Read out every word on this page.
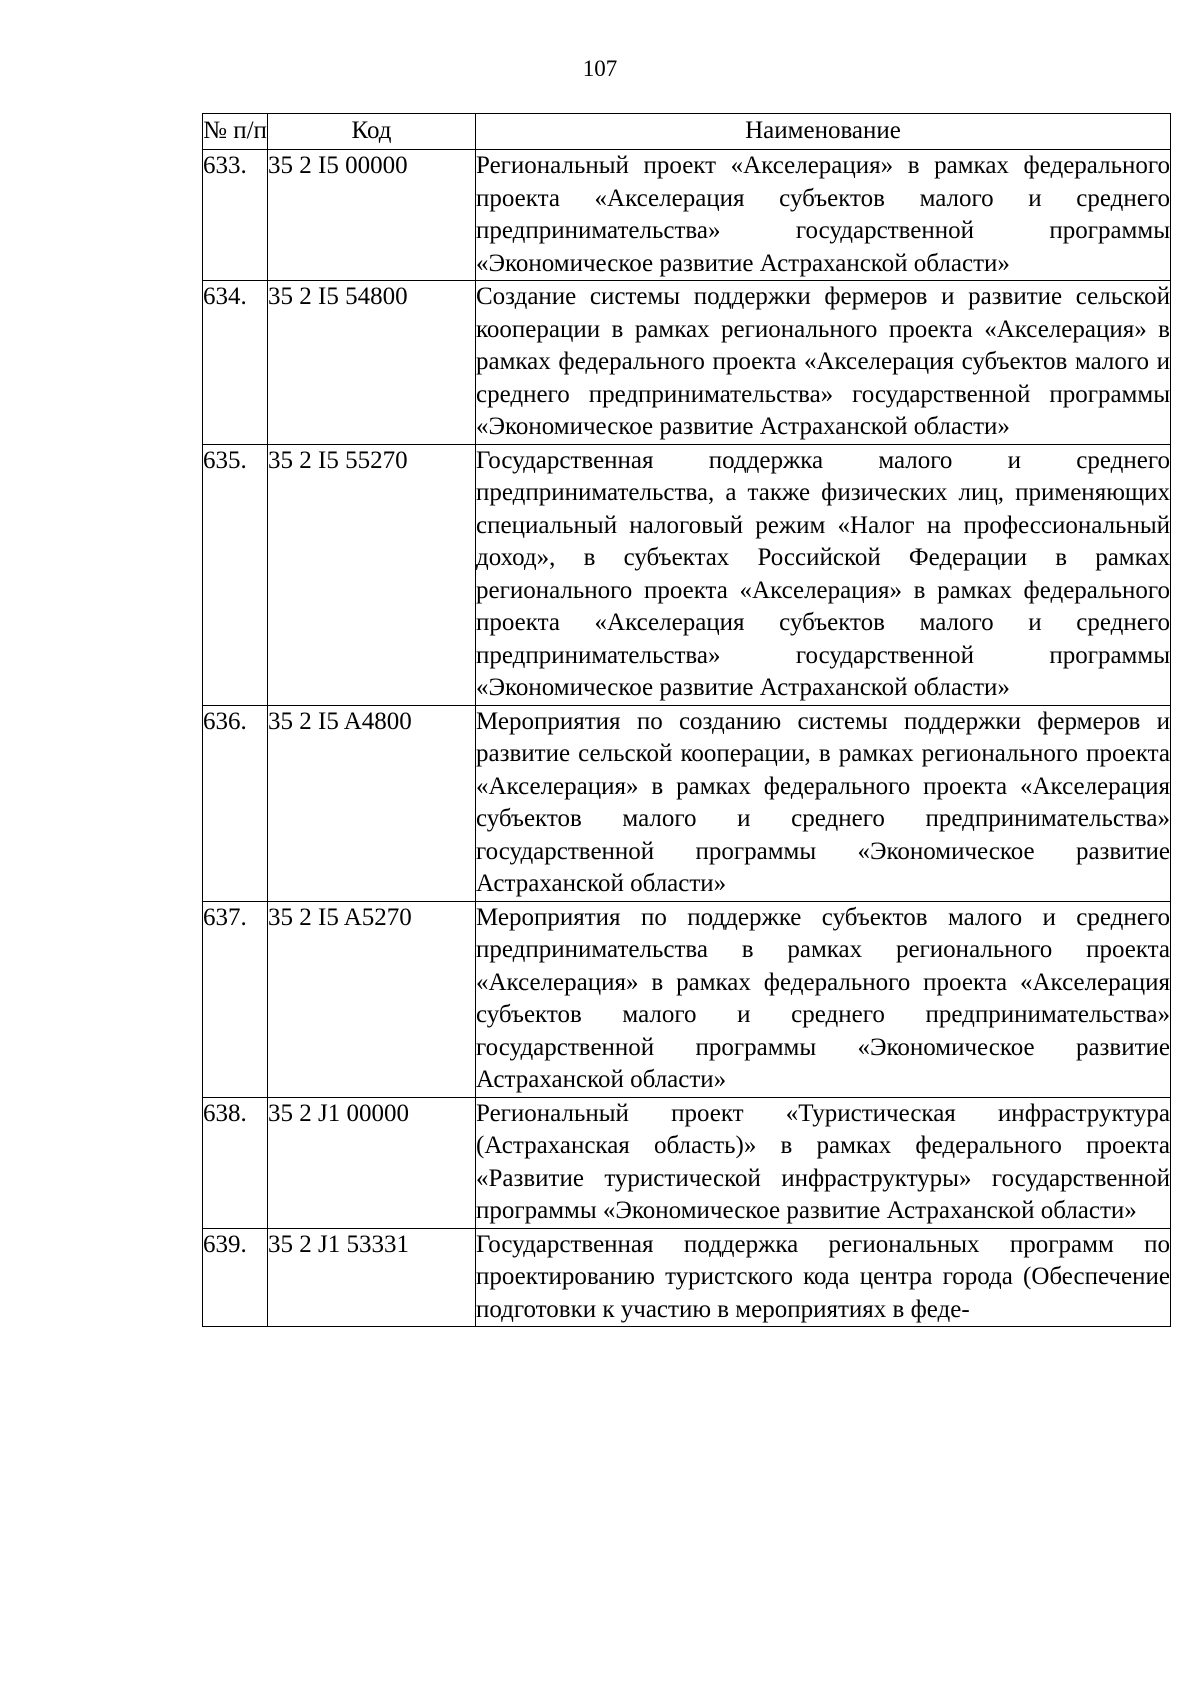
107
№ п/п	Код	Наименование
633.	35 2 I5 00000	Региональный проект «Акселерация» в рамках федерального проекта «Акселерация субъектов малого и среднего предпринимательства» государственной программы «Экономическое развитие Астраханской области»
634.	35 2 I5 54800	Создание системы поддержки фермеров и развитие сельской кооперации в рамках регионального проекта «Акселерация» в рамках федерального проекта «Акселерация субъектов малого и среднего предпринимательства» государственной программы «Экономическое развитие Астраханской области»
635.	35 2 I5 55270	Государственная поддержка малого и среднего предпринимательства, а также физических лиц, применяющих специальный налоговый режим «Налог на профессиональный доход», в субъектах Российской Федерации в рамках регионального проекта «Акселерация» в рамках федерального проекта «Акселерация субъектов малого и среднего предпринимательства» государственной программы «Экономическое развитие Астраханской области»
636.	35 2 I5 A4800	Мероприятия по созданию системы поддержки фермеров и развитие сельской кооперации, в рамках регионального проекта «Акселерация» в рамках федерального проекта «Акселерация субъектов малого и среднего предпринимательства» государственной программы «Экономическое развитие Астраханской области»
637.	35 2 I5 A5270	Мероприятия по поддержке субъектов малого и среднего предпринимательства в рамках регионального проекта «Акселерация» в рамках федерального проекта «Акселерация субъектов малого и среднего предпринимательства» государственной программы «Экономическое развитие Астраханской области»
638.	35 2 J1 00000	Региональный проект «Туристическая инфраструктура (Астраханская область)» в рамках федерального проекта «Развитие туристической инфраструктуры» государственной программы «Экономическое развитие Астраханской области»
639.	35 2 J1 53331	Государственная поддержка региональных программ по проектированию туристского кода центра города (Обеспечение подготовки к участию в мероприятиях в феде-
